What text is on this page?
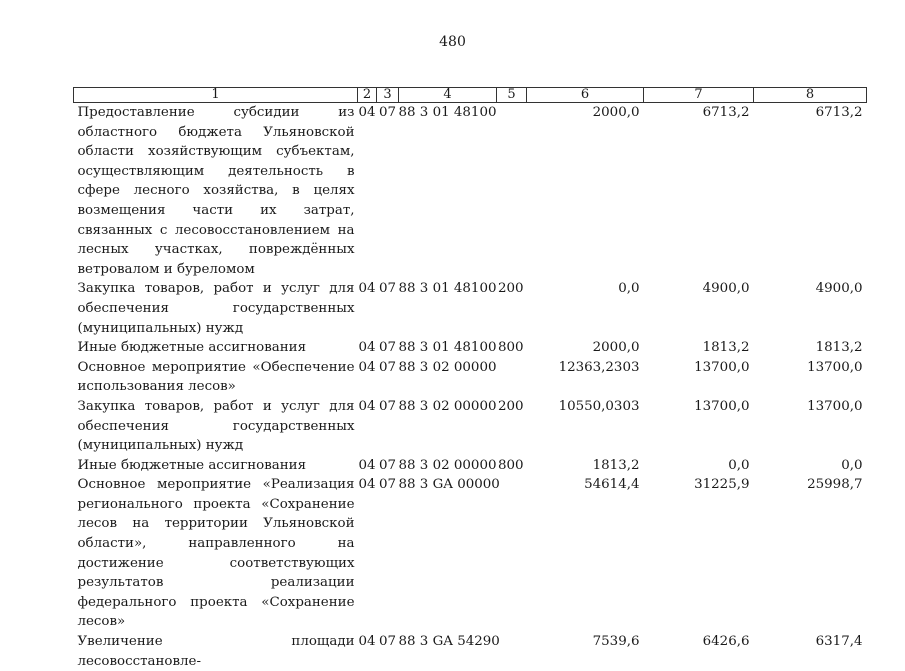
480
1	2	3	4	5	6	7	8
Предоставление субсидии из областного бюджета Ульяновской области хозяйствующим субъектам, осуществляющим деятельность в сфере лесного хозяйства, в целях возмещения части их затрат, связанных с лесовосстановлением на лесных участках, повреждённых ветровалом и буреломом	04	07	88 3 01 48100		2000,0	6713,2	6713,2
Закупка товаров, работ и услуг для обеспечения государственных (муниципальных) нужд	04	07	88 3 01 48100	200	0,0	4900,0	4900,0
Иные бюджетные ассигнования	04	07	88 3 01 48100	800	2000,0	1813,2	1813,2
Основное мероприятие «Обеспечение использования лесов»	04	07	88 3 02 00000		12363,2303	13700,0	13700,0
Закупка товаров, работ и услуг для обеспечения государственных (муниципальных) нужд	04	07	88 3 02 00000	200	10550,0303	13700,0	13700,0
Иные бюджетные ассигнования	04	07	88 3 02 00000	800	1813,2	0,0	0,0
Основное мероприятие «Реализация регионального проекта «Сохранение лесов на территории Ульяновской области», направленного на достижение соответствующих результатов реализации федерального проекта «Сохранение лесов»	04	07	88 3 GA 00000		54614,4	31225,9	25998,7
Увеличение площади лесовосстановле-	04	07	88 3 GA 54290		7539,6	6426,6	6317,4
